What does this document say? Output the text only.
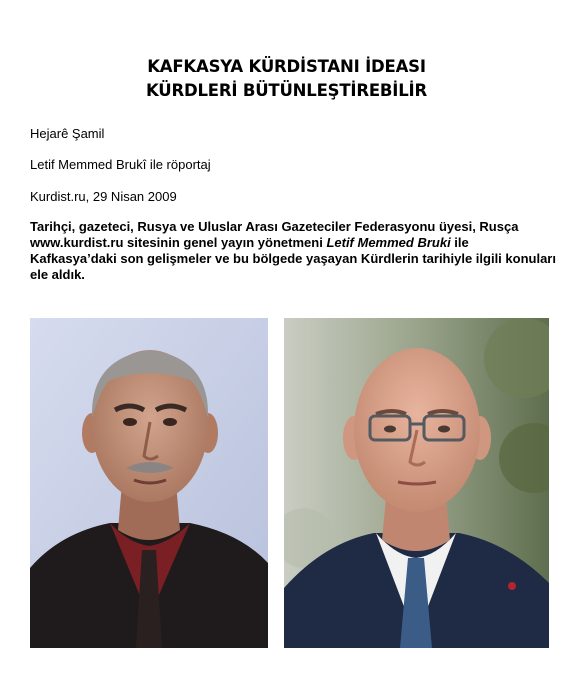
KAFKASYA KÜRDİSTANI İDEASI
KÜRDLERİ BÜTÜNLEŞTİREBİLİR
Hejarê Şamil
Letif Memmed Brukî ile röportaj
Kurdist.ru, 29 Nisan 2009
Tarihçi, gazeteci, Rusya ve Uluslar Arası Gazeteciler Federasyonu üyesi, Rusça www.kurdist.ru sitesinin genel yayın yönetmeni Letif Memmed Bruki ile Kafkasya’daki son gelişmeler ve bu bölgede yaşayan Kürdlerin tarihiyle ilgili konuları ele aldık.
